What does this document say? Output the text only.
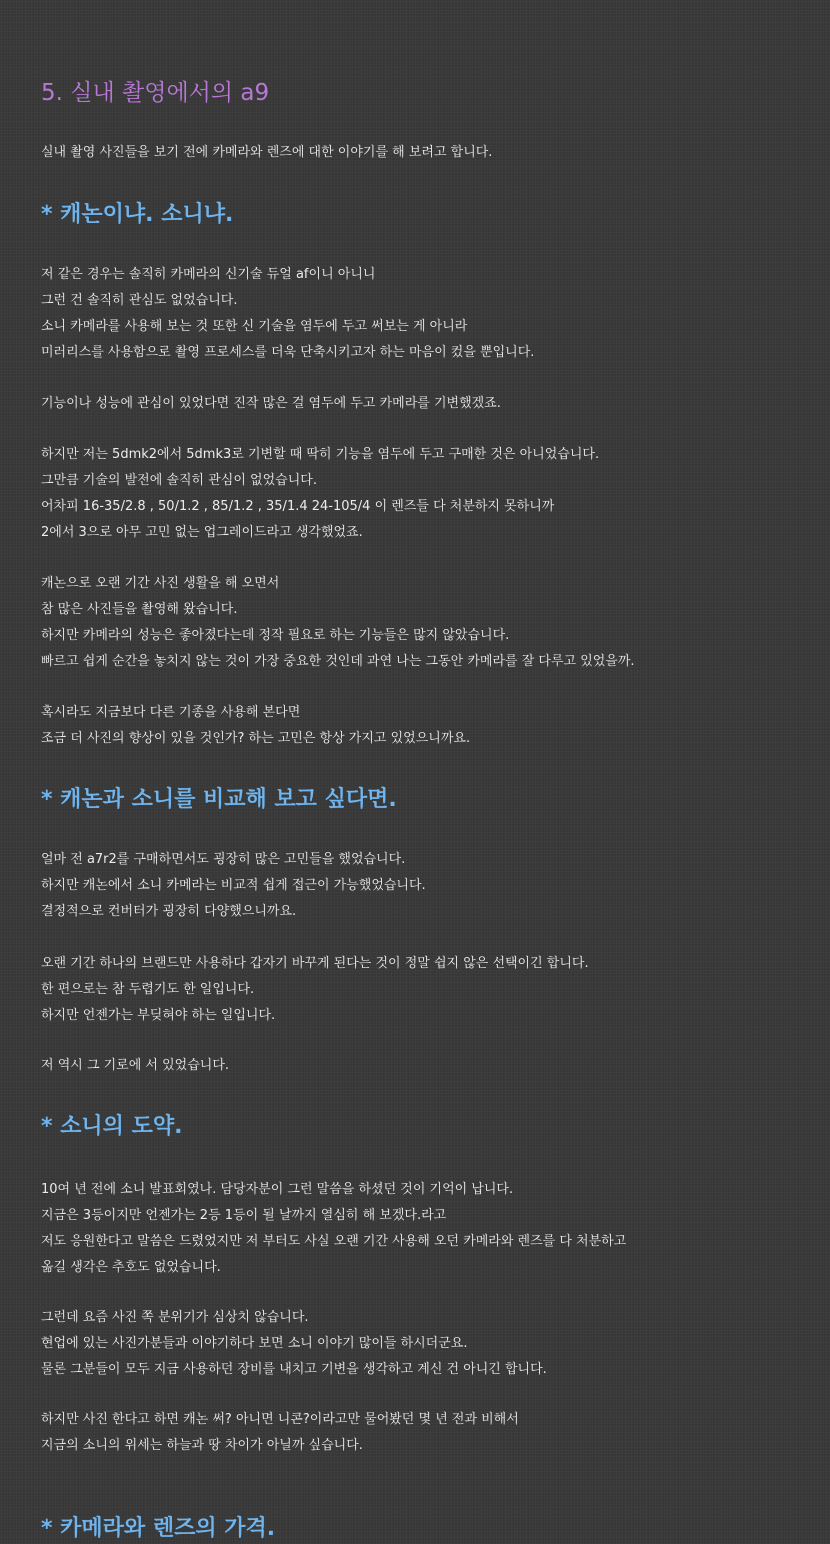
5. 실내 촬영에서의 a9

실내 촬영 사진들을 보기 전에 카메라와 렌즈에 대한 이야기를 해 보려고 합니다.

* 캐논이냐. 소니냐.
저 같은 경우는 솔직히 카메라의 신기술 듀얼 af이니 아니니
그런 건 솔직히 관심도 없었습니다.
소니 카메라를 사용해 보는 것 또한 신 기술을 염두에 두고 써보는 게 아니라
미러리스를 사용함으로 촬영 프로세스를 더욱 단축시키고자 하는 마음이 컸을 뿐입니다.
기능이나 성능에 관심이 있었다면 진작 많은 걸 염두에 두고 카메라를 기변했겠죠.
하지만 저는 5dmk2에서 5dmk3로 기변할 때 딱히 기능을 염두에 두고 구매한 것은 아니었습니다.
그만큼 기술의 발전에 솔직히 관심이 없었습니다.
어차피 16-35/2.8 , 50/1.2 , 85/1.2 , 35/1.4 24-105/4 이 렌즈들 다 처분하지 못하니까
2에서 3으로 아무 고민 없는 업그레이드라고 생각했었죠.
캐논으로 오랜 기간 사진 생활을 해 오면서
참 많은 사진들을 촬영해 왔습니다.
하지만 카메라의 성능은 좋아졌다는데 정작 필요로 하는 기능들은 많지 않았습니다.
빠르고 쉽게 순간을 놓치지 않는 것이 가장 중요한 것인데 과연 나는 그동안 카메라를 잘 다루고 있었을까.
혹시라도 지금보다 다른 기종을 사용해 본다면
조금 더 사진의 향상이 있을 것인가? 하는 고민은 항상 가지고 있었으니까요.
* 캐논과 소니를 비교해 보고 싶다면.
얼마 전 a7r2를 구매하면서도 굉장히 많은 고민들을 했었습니다.
하지만 캐논에서 소니 카메라는 비교적 쉽게 접근이 가능했었습니다.
결정적으로 컨버터가 굉장히 다양했으니까요.
오랜 기간 하나의 브랜드만 사용하다 갑자기 바꾸게 된다는 것이 정말 쉽지 않은 선택이긴 합니다.
한 편으로는 참 두렵기도 한 일입니다.
하지만 언젠가는 부딪혀야 하는 일입니다.
저 역시 그 기로에 서 있었습니다.
* 소니의 도약.
10여 년 전에 소니 발표회였나. 담당자분이 그런 말씀을 하셨던 것이 기억이 납니다.
지금은 3등이지만 언젠가는 2등 1등이 될 날까지 열심히 해 보겠다.라고
저도 응원한다고 말씀은 드렸었지만 저 부터도 사실 오랜 기간 사용해 오던 카메라와 렌즈를 다 처분하고
옮길 생각은 추호도 없었습니다.
그런데 요즘 사진 쪽 분위기가 심상치 않습니다.
현업에 있는 사진가분들과 이야기하다 보면 소니 이야기 많이들 하시더군요.
물론 그분들이 모두 지금 사용하던 장비를 내치고 기변을 생각하고 계신 건 아니긴 합니다.
하지만 사진 한다고 하면 캐논 써? 아니면 니콘?이라고만 물어봤던 몇 년 전과 비해서
지금의 소니의 위세는 하늘과 땅 차이가 아닐까 싶습니다.
* 카메라와 렌즈의 가격.
